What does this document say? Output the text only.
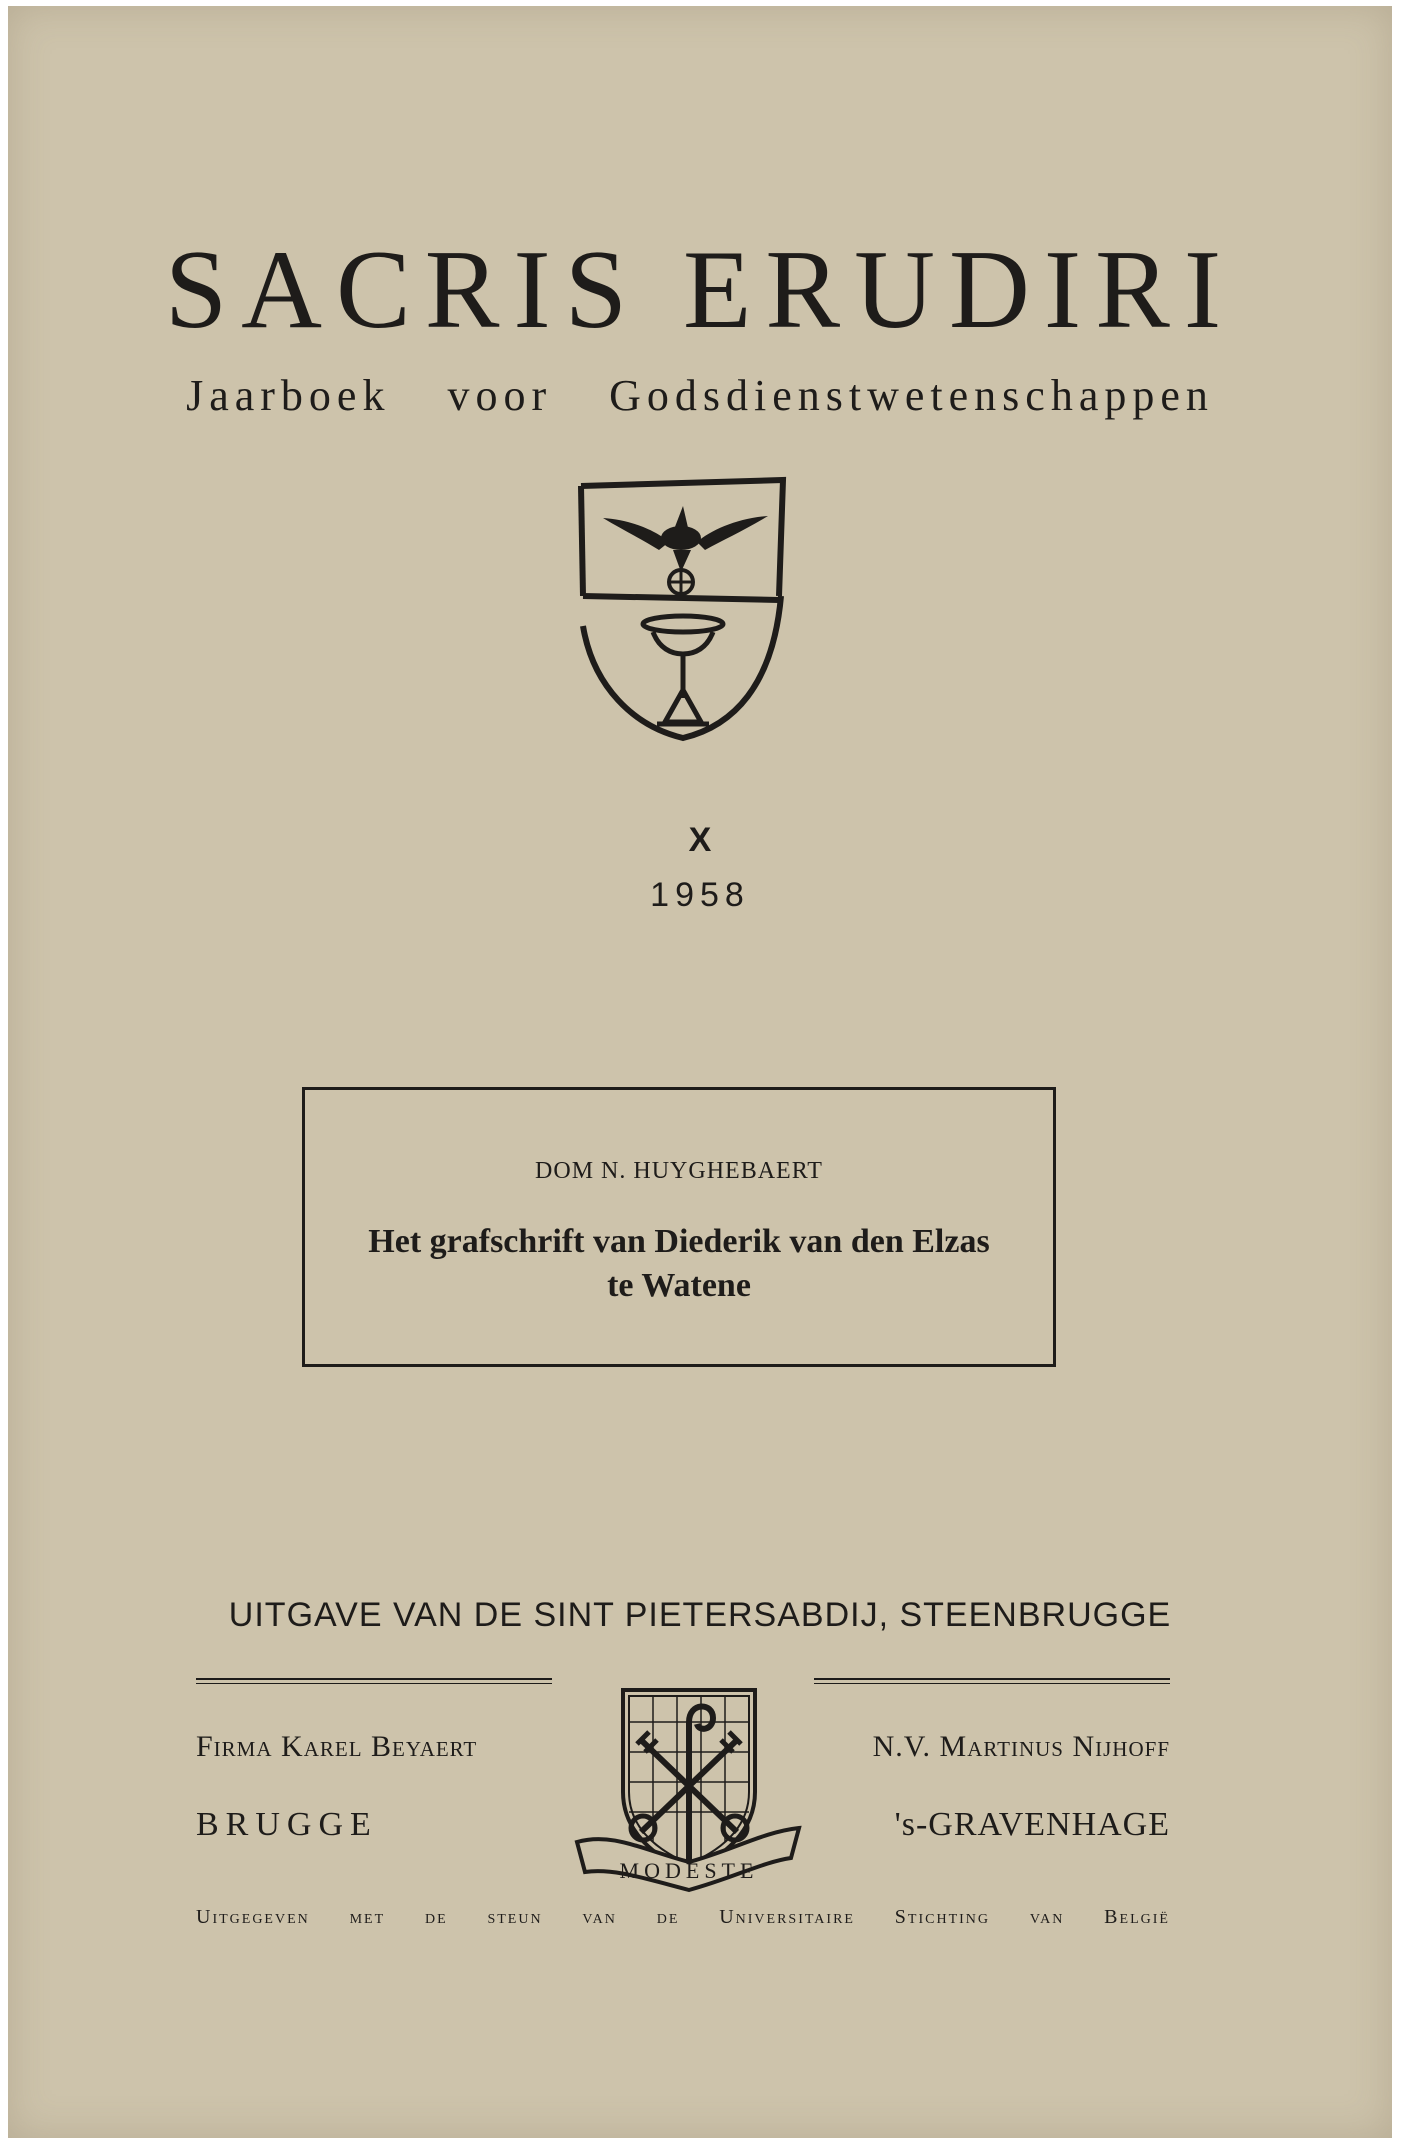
SACRIS ERUDIRI
Jaarboek voor Godsdienstwetenschappen
X
1958
DOM N. HUYGHEBAERT
Het grafschrift van Diederik van den Elzas
te Watene
UITGAVE VAN DE SINT PIETERSABDIJ, STEENBRUGGE
Firma Karel Beyaert
BRUGGE
MODESTE
N.V. Martinus Nijhoff
's-GRAVENHAGE
Uitgegeven met de steun van de Universitaire Stichting van België
